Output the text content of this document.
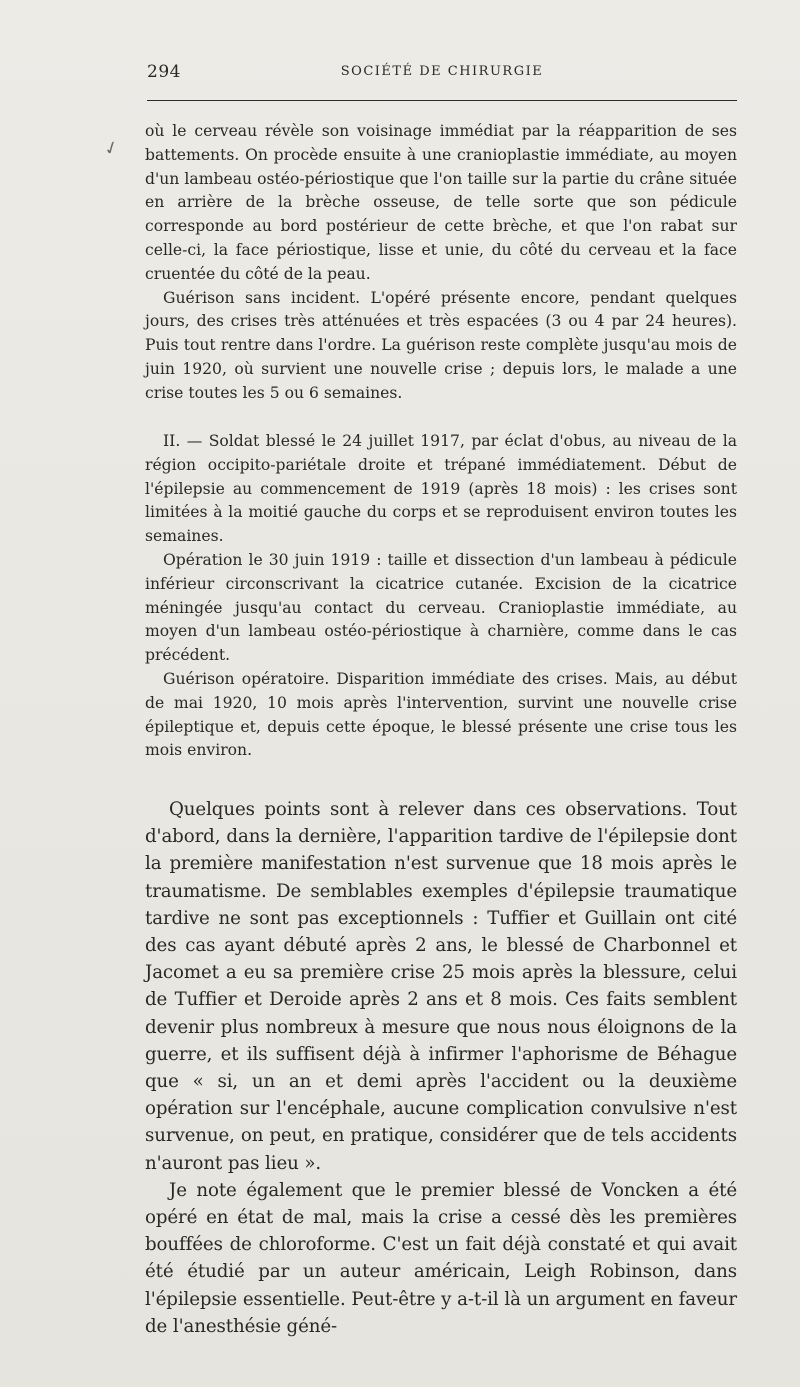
294	SOCIÉTÉ DE CHIRURGIE
✓

où le cerveau révèle son voisinage immédiat par la réapparition de ses battements. On procède ensuite à une cranioplastie immédiate, au moyen d'un lambeau ostéo-périostique que l'on taille sur la partie du crâne située en arrière de la brèche osseuse, de telle sorte que son pédicule corresponde au bord postérieur de cette brèche, et que l'on rabat sur celle-ci, la face périostique, lisse et unie, du côté du cerveau et la face cruentée du côté de la peau.

Guérison sans incident. L'opéré présente encore, pendant quelques jours, des crises très atténuées et très espacées (3 ou 4 par 24 heures). Puis tout rentre dans l'ordre. La guérison reste complète jusqu'au mois de juin 1920, où survient une nouvelle crise ; depuis lors, le malade a une crise toutes les 5 ou 6 semaines.

II. — Soldat blessé le 24 juillet 1917, par éclat d'obus, au niveau de la région occipito-pariétale droite et trépané immédiatement. Début de l'épilepsie au commencement de 1919 (après 18 mois) : les crises sont limitées à la moitié gauche du corps et se reproduisent environ toutes les semaines.

Opération le 30 juin 1919 : taille et dissection d'un lambeau à pédicule inférieur circonscrivant la cicatrice cutanée. Excision de la cicatrice méningée jusqu'au contact du cerveau. Cranioplastie immédiate, au moyen d'un lambeau ostéo-périostique à charnière, comme dans le cas précédent.

Guérison opératoire. Disparition immédiate des crises. Mais, au début de mai 1920, 10 mois après l'intervention, survint une nouvelle crise épileptique et, depuis cette époque, le blessé présente une crise tous les mois environ.

Quelques points sont à relever dans ces observations. Tout d'abord, dans la dernière, l'apparition tardive de l'épilepsie dont la première manifestation n'est survenue que 18 mois après le traumatisme. De semblables exemples d'épilepsie traumatique tardive ne sont pas exceptionnels : Tuffier et Guillain ont cité des cas ayant débuté après 2 ans, le blessé de Charbonnel et Jacomet a eu sa première crise 25 mois après la blessure, celui de Tuffier et Deroide après 2 ans et 8 mois. Ces faits semblent devenir plus nombreux à mesure que nous nous éloignons de la guerre, et ils suffisent déjà à infirmer l'aphorisme de Béhague que « si, un an et demi après l'accident ou la deuxième opération sur l'encéphale, aucune complication convulsive n'est survenue, on peut, en pratique, considérer que de tels accidents n'auront pas lieu ».

Je note également que le premier blessé de Voncken a été opéré en état de mal, mais la crise a cessé dès les premières bouffées de chloroforme. C'est un fait déjà constaté et qui avait été étudié par un auteur américain, Leigh Robinson, dans l'épilepsie essentielle. Peut-être y a-t-il là un argument en faveur de l'anesthésie géné-
